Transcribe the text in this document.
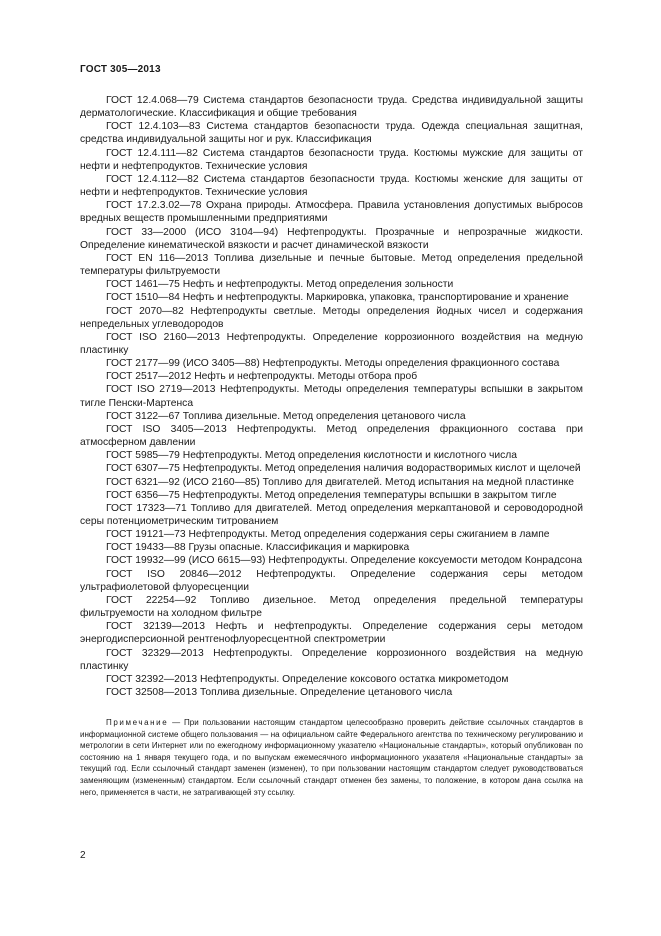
ГОСТ 305—2013

ГОСТ 12.4.068—79 Система стандартов безопасности труда. Средства индивидуальной защиты дерматологические. Классификация и общие требования

ГОСТ 12.4.103—83 Система стандартов безопасности труда. Одежда специальная защитная, средства индивидуальной защиты ног и рук. Классификация

ГОСТ 12.4.111—82 Система стандартов безопасности труда. Костюмы мужские для защиты от нефти и нефтепродуктов. Технические условия

ГОСТ 12.4.112—82 Система стандартов безопасности труда. Костюмы женские для защиты от нефти и нефтепродуктов. Технические условия

ГОСТ 17.2.3.02—78 Охрана природы. Атмосфера. Правила установления допустимых выбросов вредных веществ промышленными предприятиями

ГОСТ 33—2000 (ИСО 3104—94) Нефтепродукты. Прозрачные и непрозрачные жидкости. Определение кинематической вязкости и расчет динамической вязкости

ГОСТ EN 116—2013 Топлива дизельные и печные бытовые. Метод определения предельной температуры фильтруемости

ГОСТ 1461—75 Нефть и нефтепродукты. Метод определения зольности

ГОСТ 1510—84 Нефть и нефтепродукты. Маркировка, упаковка, транспортирование и хранение

ГОСТ 2070—82 Нефтепродукты светлые. Методы определения йодных чисел и содержания непредельных углеводородов

ГОСТ ISO 2160—2013 Нефтепродукты. Определение коррозионного воздействия на медную пластинку

ГОСТ 2177—99 (ИСО 3405—88) Нефтепродукты. Методы определения фракционного состава

ГОСТ 2517—2012 Нефть и нефтепродукты. Методы отбора проб

ГОСТ ISO 2719—2013 Нефтепродукты. Методы определения температуры вспышки в закрытом тигле Пенски-Мартенса

ГОСТ 3122—67 Топлива дизельные. Метод определения цетанового числа

ГОСТ ISO 3405—2013 Нефтепродукты. Метод определения фракционного состава при атмосферном давлении

ГОСТ 5985—79 Нефтепродукты. Метод определения кислотности и кислотного числа

ГОСТ 6307—75 Нефтепродукты. Метод определения наличия водорастворимых кислот и щелочей

ГОСТ 6321—92 (ИСО 2160—85) Топливо для двигателей. Метод испытания на медной пластинке

ГОСТ 6356—75 Нефтепродукты. Метод определения температуры вспышки в закрытом тигле

ГОСТ 17323—71 Топливо для двигателей. Метод определения меркаптановой и сероводородной серы потенциометрическим титрованием

ГОСТ 19121—73 Нефтепродукты. Метод определения содержания серы сжиганием в лампе

ГОСТ 19433—88 Грузы опасные. Классификация и маркировка

ГОСТ 19932—99 (ИСО 6615—93) Нефтепродукты. Определение коксуемости методом Конрадсона

ГОСТ ISO 20846—2012 Нефтепродукты. Определение содержания серы методом ультрафиолетовой флуоресценции

ГОСТ 22254—92 Топливо дизельное. Метод определения предельной температуры фильтруемости на холодном фильтре

ГОСТ 32139—2013 Нефть и нефтепродукты. Определение содержания серы методом энергодисперсионной рентгенофлуоресцентной спектрометрии

ГОСТ 32329—2013 Нефтепродукты. Определение коррозионного воздействия на медную пластинку

ГОСТ 32392—2013 Нефтепродукты. Определение коксового остатка микрометодом

ГОСТ 32508—2013 Топлива дизельные. Определение цетанового числа

Примечание — При пользовании настоящим стандартом целесообразно проверить действие ссылочных стандартов в информационной системе общего пользования — на официальном сайте Федерального агентства по техническому регулированию и метрологии в сети Интернет или по ежегодному информационному указателю «Национальные стандарты», который опубликован по состоянию на 1 января текущего года, и по выпускам ежемесячного информационного указателя «Национальные стандарты» за текущий год. Если ссылочный стандарт заменен (изменен), то при пользовании настоящим стандартом следует руководствоваться заменяющим (измененным) стандартом. Если ссылочный стандарт отменен без замены, то положение, в котором дана ссылка на него, применяется в части, не затрагивающей эту ссылку.

2
